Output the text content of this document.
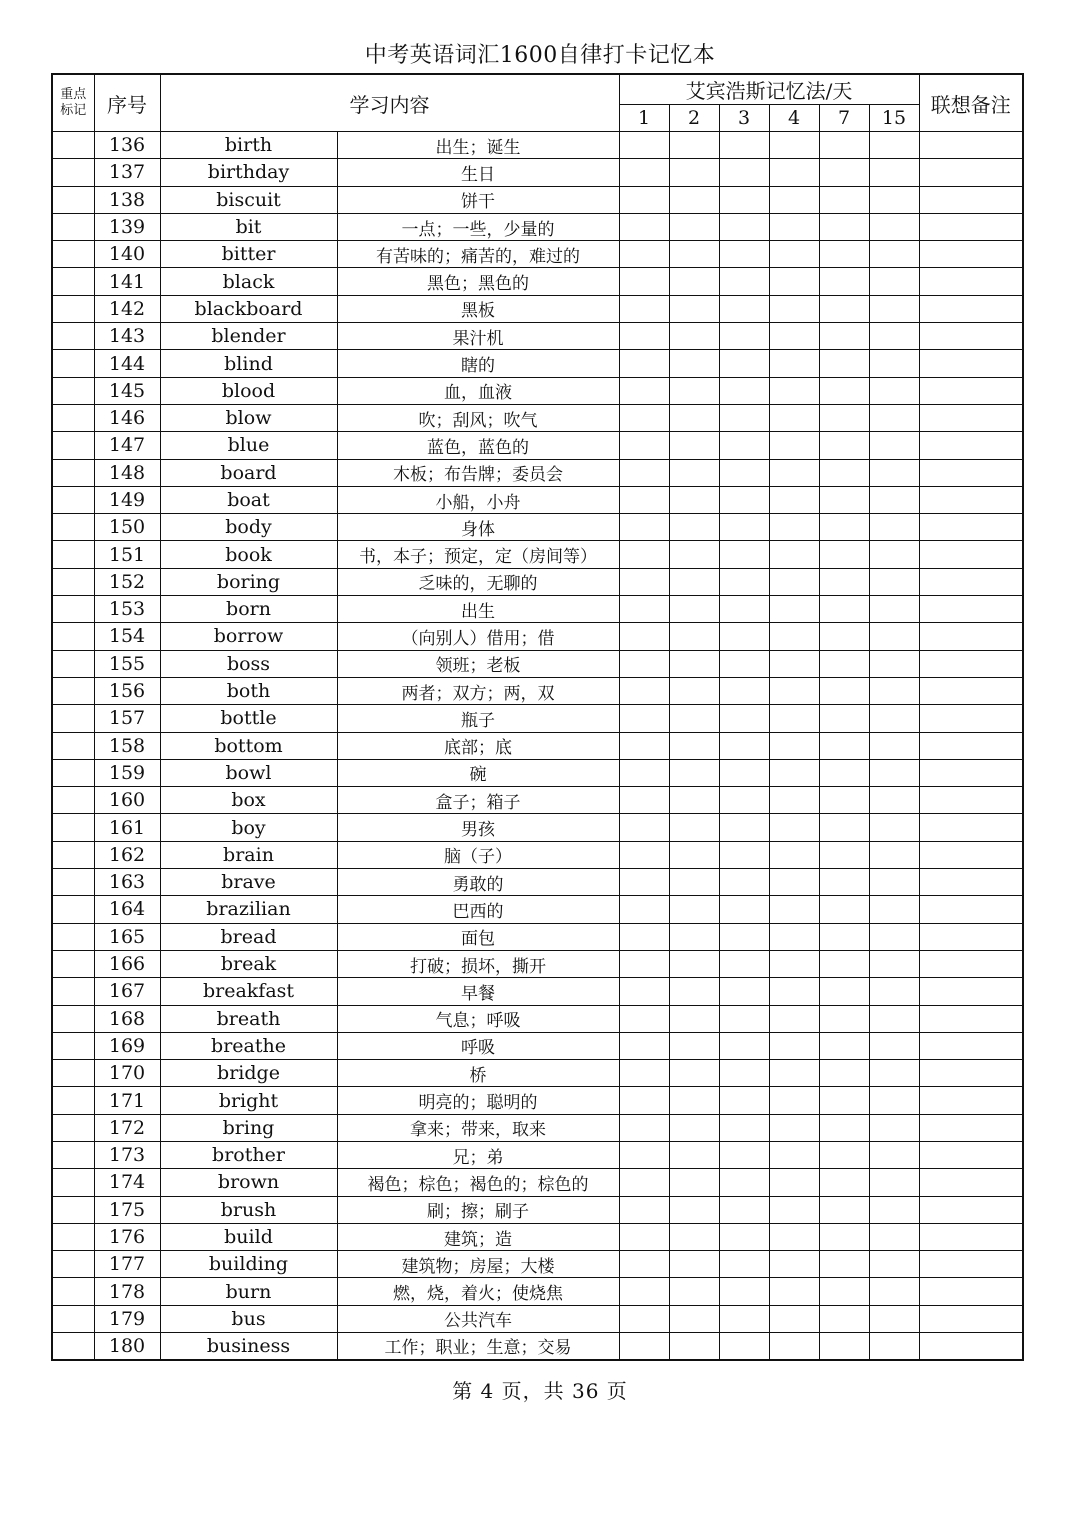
中考英语词汇1600自律打卡记忆本
重点
标记	序号	学习内容		艾宾浩斯记忆法/天						联想备注
				1	2	3	4	7	15	
	136	birth	出生；诞生							
	137	birthday	生日							
	138	biscuit	饼干							
	139	bit	一点；一些，少量的							
	140	bitter	有苦味的；痛苦的，难过的							
	141	black	黑色；黑色的							
	142	blackboard	黑板							
	143	blender	果汁机							
	144	blind	瞎的							
	145	blood	血，血液							
	146	blow	吹；刮风；吹气							
	147	blue	蓝色，蓝色的							
	148	board	木板；布告牌；委员会							
	149	boat	小船，小舟							
	150	body	身体							
	151	book	书，本子；预定，定（房间等）							
	152	boring	乏味的，无聊的							
	153	born	出生							
	154	borrow	（向别人）借用；借							
	155	boss	领班；老板							
	156	both	两者；双方；两，双							
	157	bottle	瓶子							
	158	bottom	底部；底							
	159	bowl	碗							
	160	box	盒子；箱子							
	161	boy	男孩							
	162	brain	脑（子）							
	163	brave	勇敢的							
	164	brazilian	巴西的							
	165	bread	面包							
	166	break	打破；损坏，撕开							
	167	breakfast	早餐							
	168	breath	气息；呼吸							
	169	breathe	呼吸							
	170	bridge	桥							
	171	bright	明亮的；聪明的							
	172	bring	拿来；带来，取来							
	173	brother	兄；弟							
	174	brown	褐色；棕色；褐色的；棕色的							
	175	brush	刷；擦；刷子							
	176	build	建筑；造							
	177	building	建筑物；房屋；大楼							
	178	burn	燃，烧，着火；使烧焦							
	179	bus	公共汽车							
	180	business	工作；职业；生意；交易							
第 4 页，共 36 页
